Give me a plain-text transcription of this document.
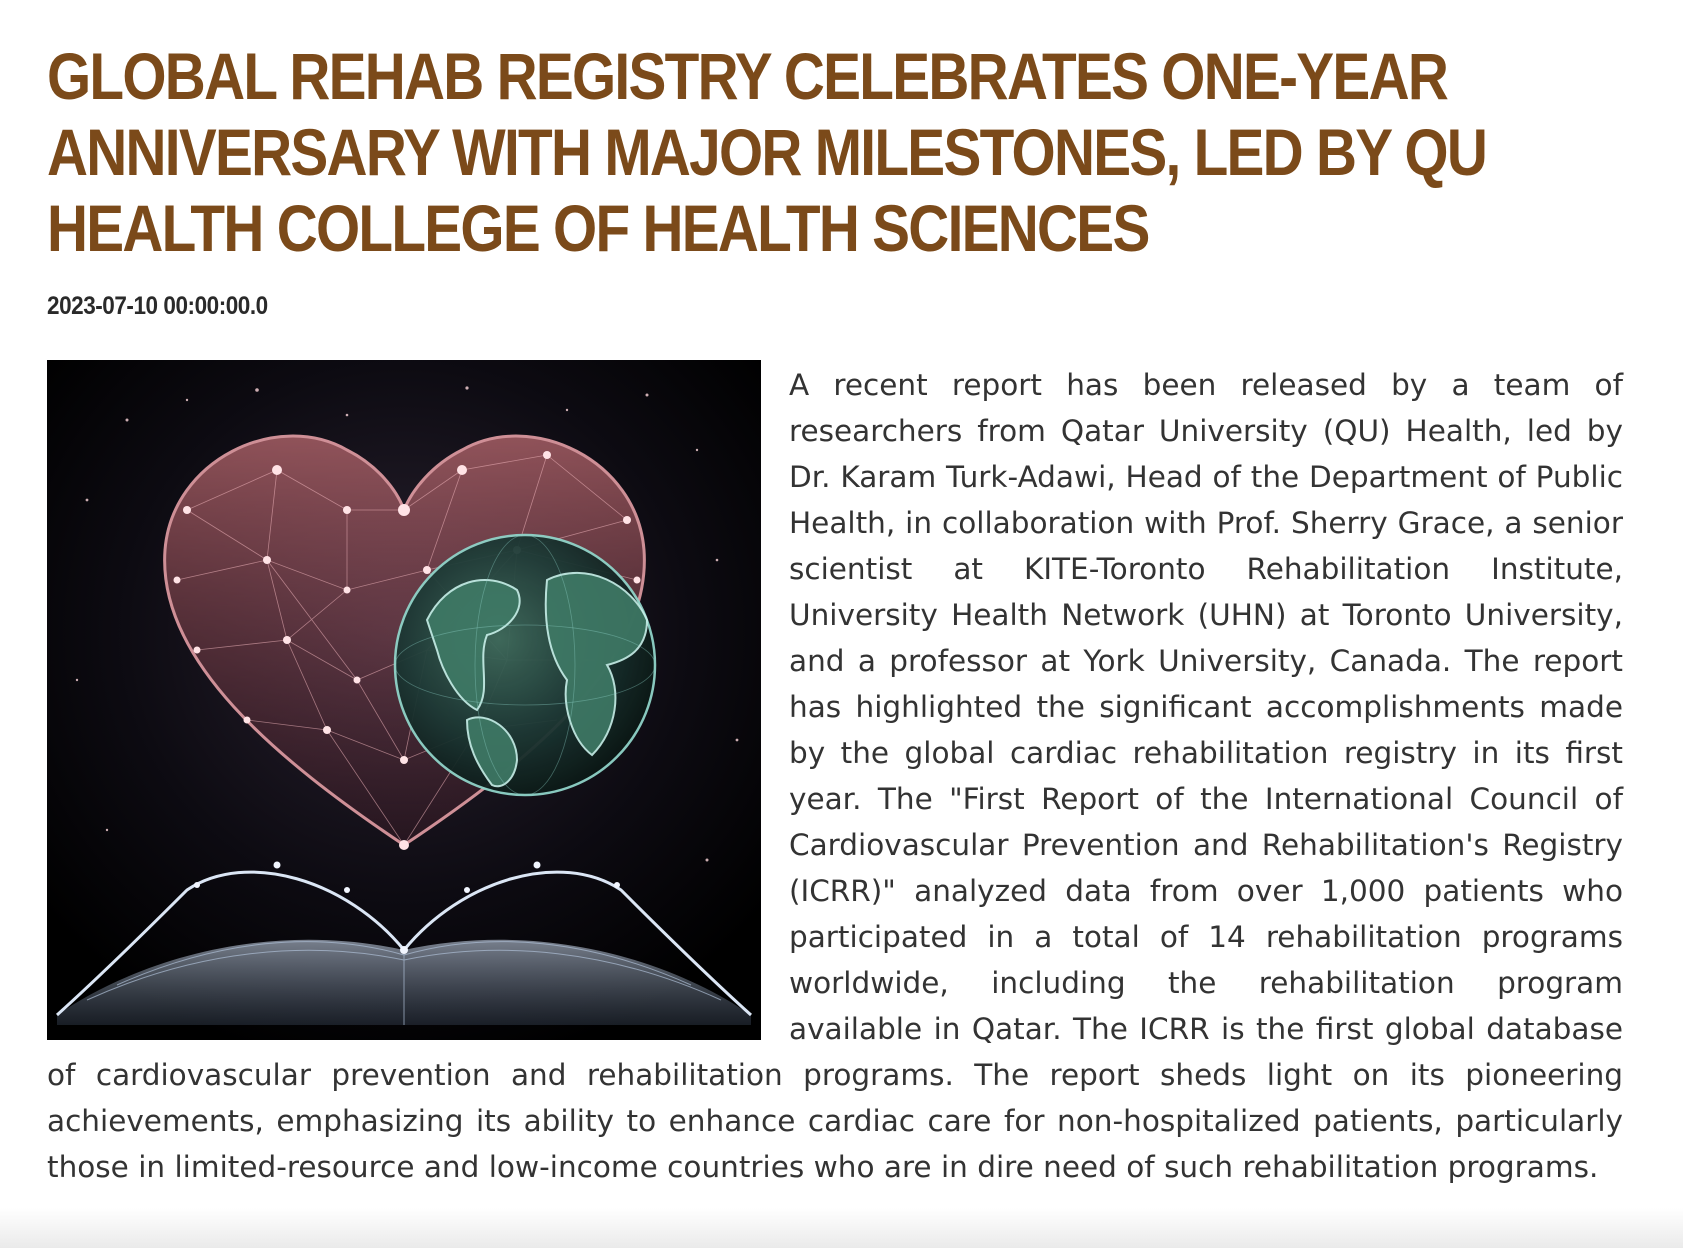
GLOBAL REHAB REGISTRY CELEBRATES ONE-YEAR ANNIVERSARY WITH MAJOR MILESTONES, LED BY QU HEALTH COLLEGE OF HEALTH SCIENCES
2023-07-10 00:00:00.0

A recent report has been released by a team of researchers from Qatar University (QU) Health, led by Dr. Karam Turk-Adawi, Head of the Department of Public Health, in collaboration with Prof. Sherry Grace, a senior scientist at KITE-Toronto Rehabilitation Institute, University Health Network (UHN) at Toronto University, and a professor at York University, Canada. The report has highlighted the significant accomplishments made by the global cardiac rehabilitation registry in its first year. The "First Report of the International Council of Cardiovascular Prevention and Rehabilitation's Registry (ICRR)" analyzed data from over 1,000 patients who participated in a total of 14 rehabilitation programs worldwide, including the rehabilitation program available in Qatar. The ICRR is the first global database of cardiovascular prevention and rehabilitation programs. The report sheds light on its pioneering achievements, emphasizing its ability to enhance cardiac care for non-hospitalized patients, particularly those in limited-resource and low-income countries who are in dire need of such rehabilitation programs.
